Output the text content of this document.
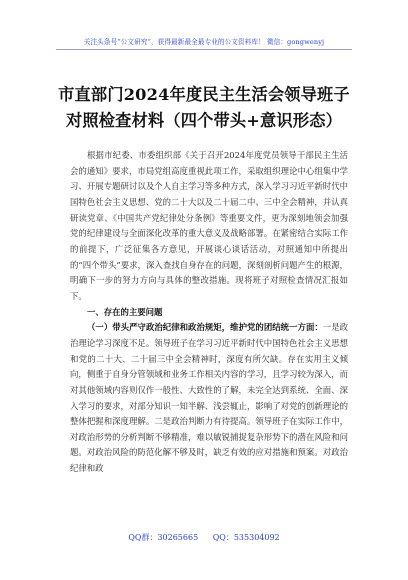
关注头条号“公文研究”，获得最新最全最专业的公文资料库！ 微信：gongwenyj
市直部门2024年度民主生活会领导班子对照检查材料（四个带头+意识形态）

根据市纪委、市委组织部《关于召开2024年度党员领导干部民主生活会的通知》要求，市局党组高度重视此项工作，采取组织理论中心组集中学习、开展专题研讨以及个人自主学习等多种方式，深入学习习近平新时代中国特色社会主义思想、党的二十大以及二十届二中、三中全会精神，并认真研读党章、《中国共产党纪律处分条例》等重要文件，更为深刻地领会加强党的纪律建设与全面深化改革的重大意义及战略部署。在紧密结合实际工作的前提下，广泛征集各方意见，开展谈心谈话活动，对照通知中所提出的“四个带头”要求，深入查找自身存在的问题，深刻剖析问题产生的根源，明确下一步的努力方向与具体的整改措施。现将班子对照检查情况汇报如下。

一、存在的主要问题

（一）带头严守政治纪律和政治规矩，维护党的团结统一方面：一是政治理论学习深度不足。领导班子在学习习近平新时代中国特色社会主义思想和党的二十大、二十届三中全会精神时，深度有所欠缺。存在实用主义倾向，侧重于自身分管领域和业务工作相关内容的学习，且学习较为深入，而对其他领域内容则仅作一般性、大致性的了解，未完全达到系统、全面、深入学习的要求，对部分知识一知半解、浅尝辄止，影响了对党的创新理论的整体把握和深度理解。二是政治判断力有待提高。领导班子在实际工作中，对政治形势的分析判断不够精准，难以敏锐捕捉复杂形势下的潜在风险和问题。对政治风险的防范化解不够及时，缺乏有效的应对措施和预案。对政治纪律和政

QQ群：30265665 QQ：535304092
